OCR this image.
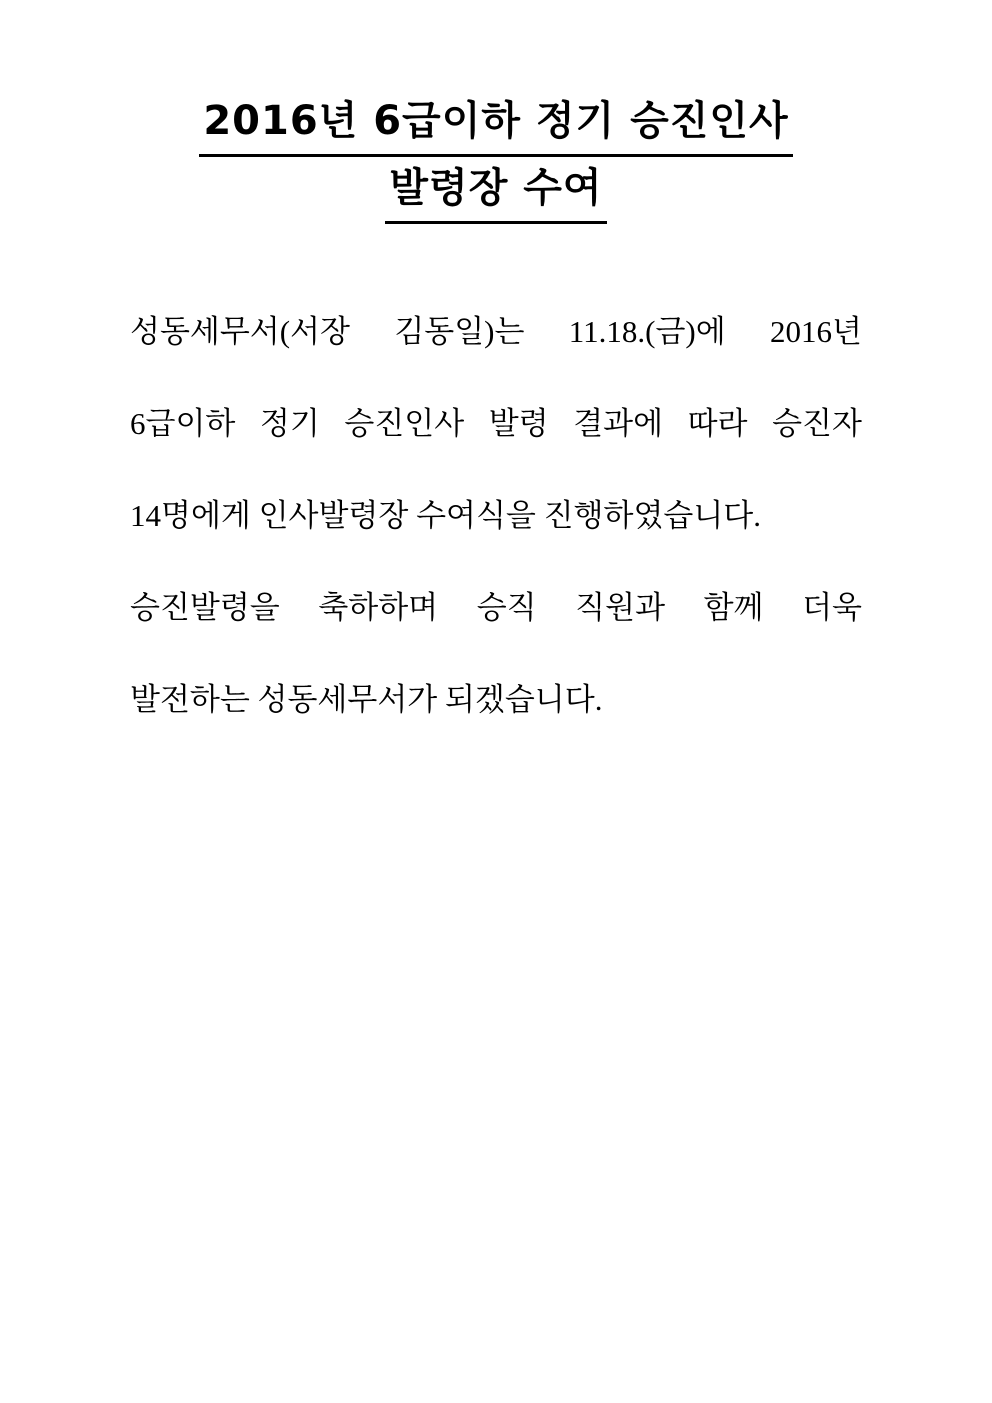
2016년 6급이하 정기 승진인사
발령장 수여
성동세무서(서장 김동일)는 11.18.(금)에 2016년
6급이하 정기 승진인사 발령 결과에 따라 승진자
14명에게 인사발령장 수여식을 진행하였습니다.
승진발령을 축하하며 승직 직원과 함께 더욱
발전하는 성동세무서가 되겠습니다.
